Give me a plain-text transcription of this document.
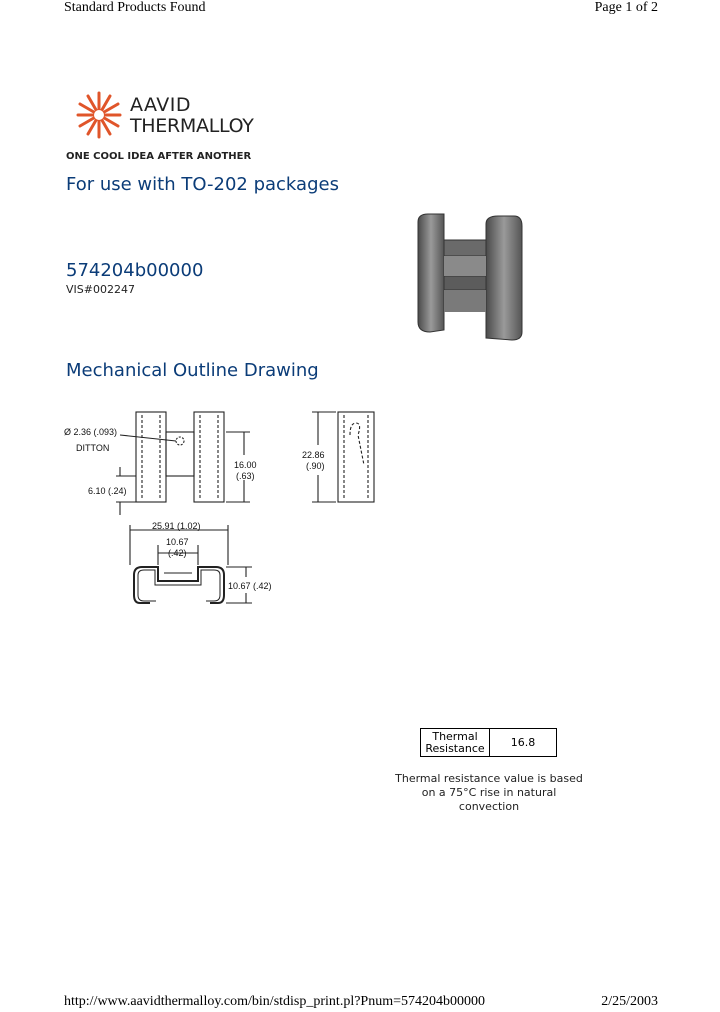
Standard Products Found	Page 1 of 2
AAVID
THERMALLOY
ONE COOL IDEA AFTER ANOTHER
For use with TO-202 packages
574204b00000
VIS#002247
Mechanical Outline Drawing
Ø 2.36 (.093)
DITTON
16.00
(.63)
6.10 (.24)
22.86
(.90)
25.91 (1.02)
10.67
(.42)
10.67 (.42)
Thermal
Resistance	16.8
Thermal resistance value is based
on a 75°C rise in natural
convection
http://www.aavidthermalloy.com/bin/stdisp_print.pl?Pnum=574204b00000	2/25/2003
